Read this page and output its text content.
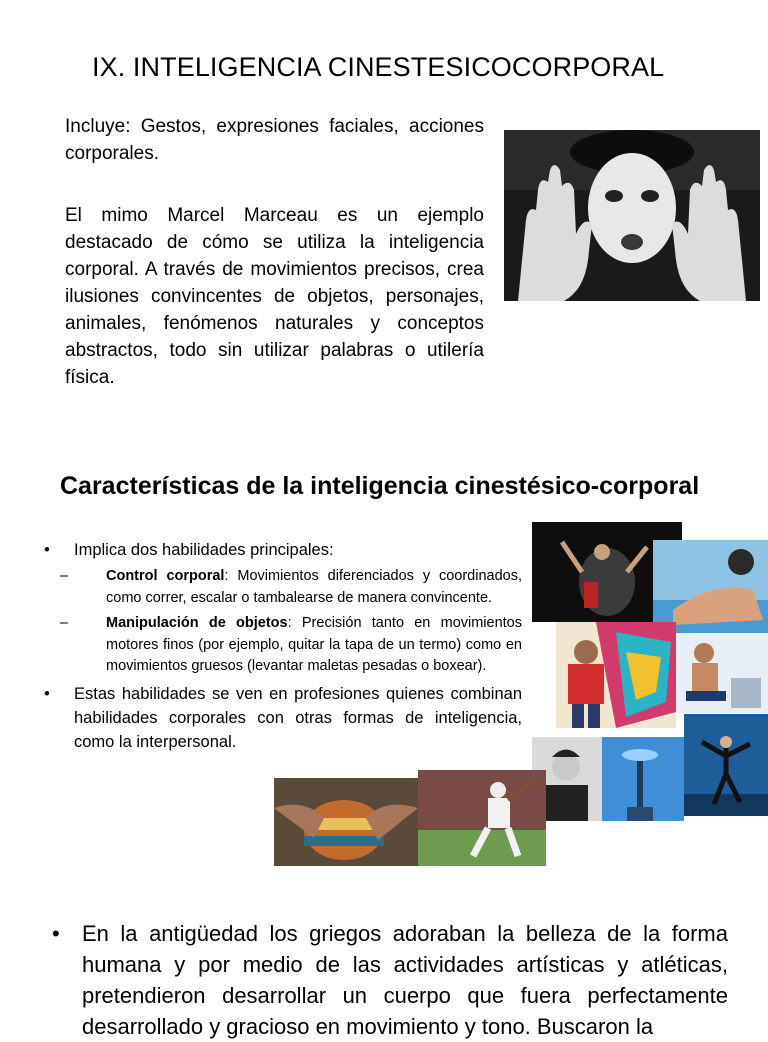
IX. INTELIGENCIA CINESTESICOCORPORAL
Incluye: Gestos, expresiones faciales, acciones corporales.
El mimo Marcel Marceau es un ejemplo destacado de cómo se utiliza la inteligencia corporal. A través de movimientos precisos, crea ilusiones convincentes de objetos, personajes, animales, fenómenos naturales y conceptos abstractos, todo sin utilizar palabras o utilería física.
Características de la inteligencia cinestésico-corporal
• Implica dos habilidades principales:
–	Control corporal: Movimientos diferenciados y coordinados, como correr, escalar o tambalearse de manera convincente.
–	Manipulación de objetos: Precisión tanto en movimientos motores finos (por ejemplo, quitar la tapa de un termo) como en movimientos gruesos (levantar maletas pesadas o boxear).
• Estas habilidades se ven en profesiones quienes combinan habilidades corporales con otras formas de inteligencia, como la interpersonal.
• En la antigüedad los griegos adoraban la belleza de la forma humana y por medio de las actividades artísticas y atléticas, pretendieron desarrollar un cuerpo que fuera perfectamente desarrollado y gracioso en movimiento y tono. Buscaron la
